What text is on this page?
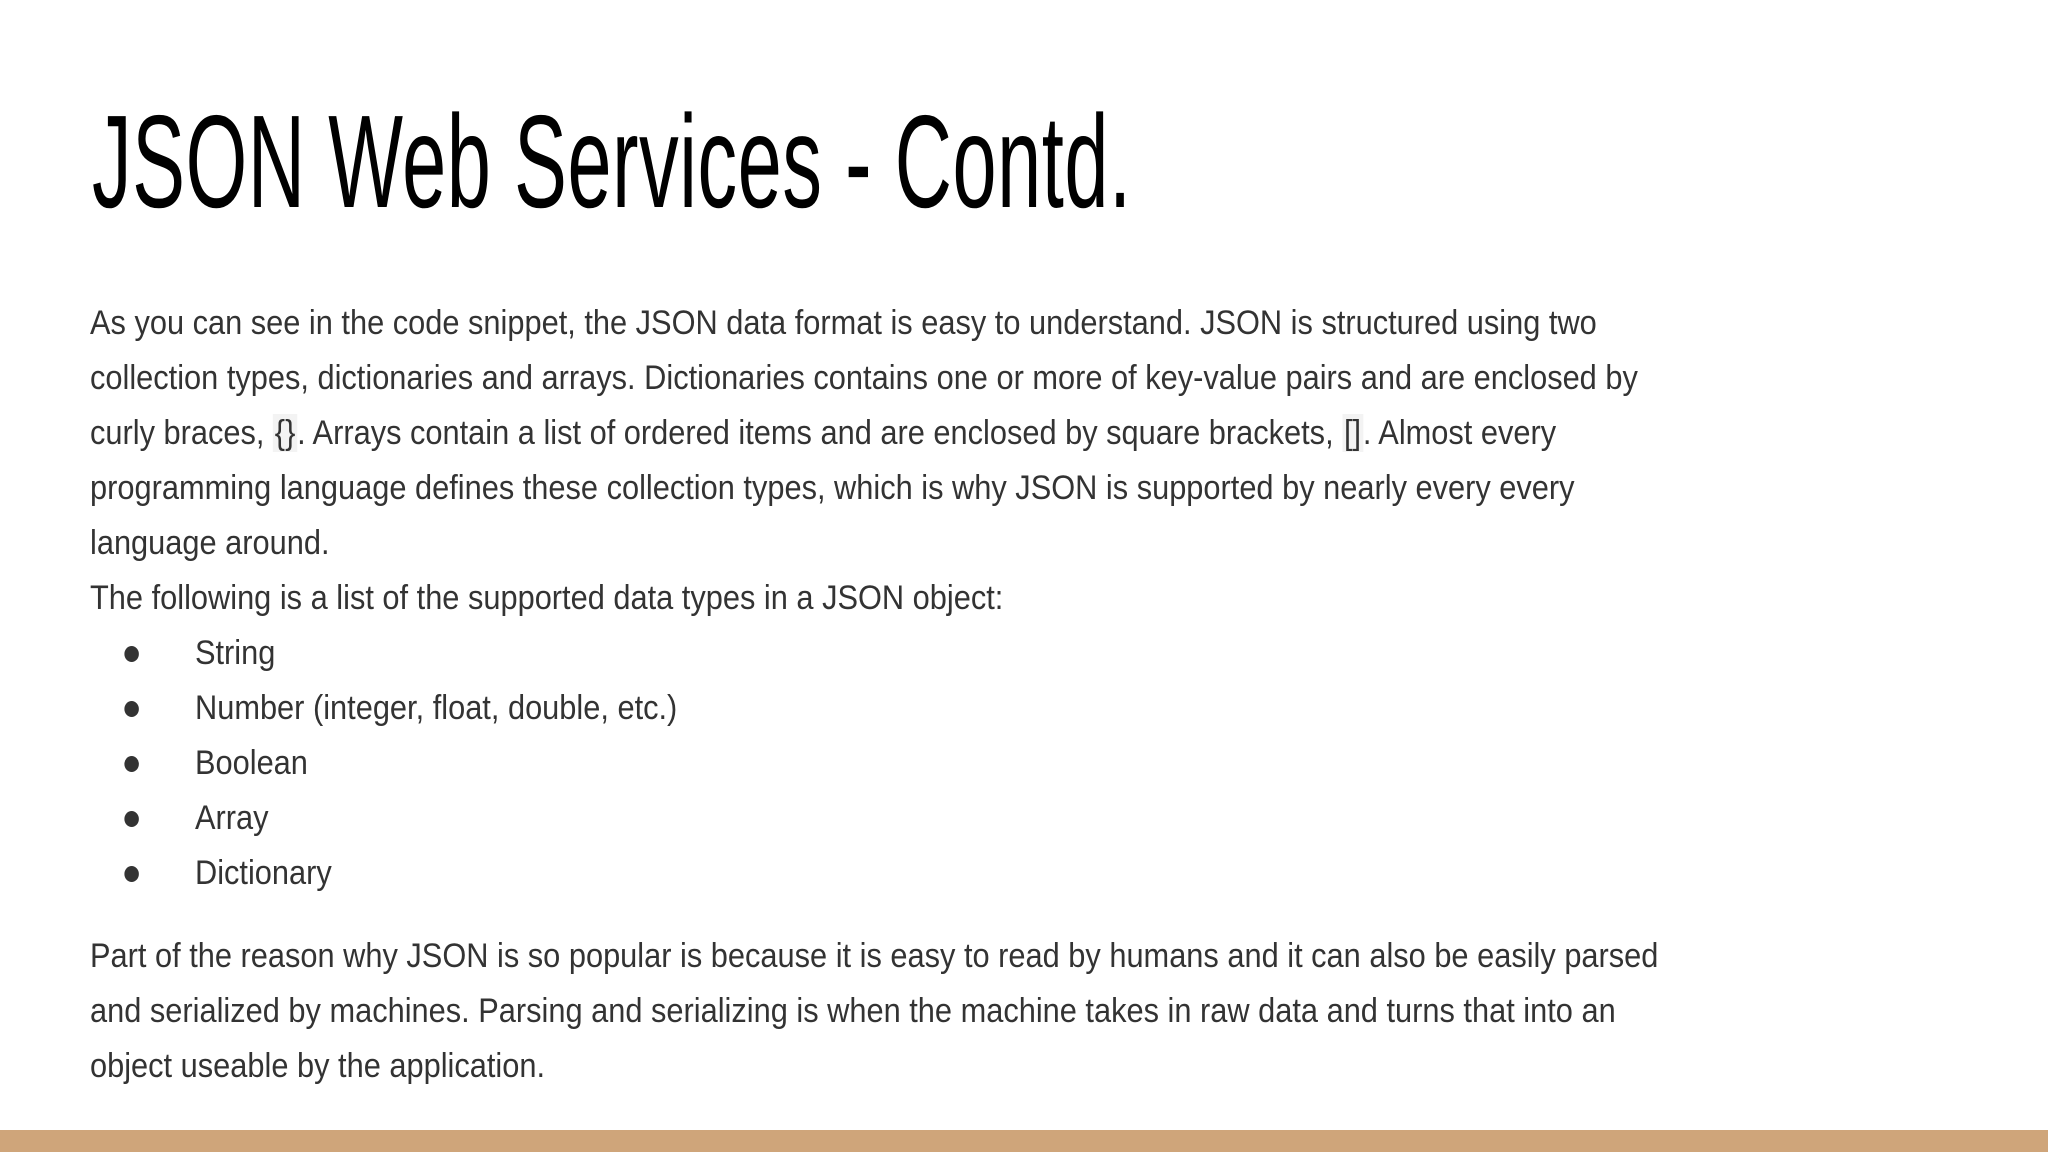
JSON Web Services - Contd.

As you can see in the code snippet, the JSON data format is easy to understand. JSON is structured using two
collection types, dictionaries and arrays. Dictionaries contains one or more of key-value pairs and are enclosed by
curly braces, {}. Arrays contain a list of ordered items and are enclosed by square brackets, []. Almost every
programming language defines these collection types, which is why JSON is supported by nearly every every
language around.
The following is a list of the supported data types in a JSON object:

String
Number (integer, float, double, etc.)
Boolean
Array
Dictionary

Part of the reason why JSON is so popular is because it is easy to read by humans and it can also be easily parsed
and serialized by machines. Parsing and serializing is when the machine takes in raw data and turns that into an
object useable by the application.
